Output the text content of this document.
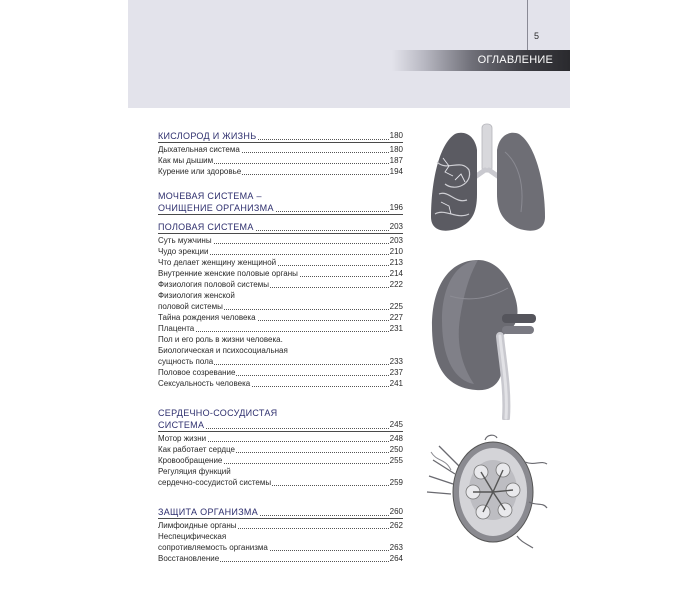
5
ОГЛАВЛЕНИЕ
КИСЛОРОД И ЖИЗНЬ	180
Дыхательная система	180
Как мы дышим	187
Курение или здоровье	194
МОЧЕВАЯ СИСТЕМА –
ОЧИЩЕНИЕ ОРГАНИЗМА	196
ПОЛОВАЯ СИСТЕМА	203
Суть мужчины	203
Чудо эрекции	210
Что делает женщину женщиной	213
Внутренние женские половые органы	214
Физиология половой системы	222
Физиология женской
половой системы	225
Тайна рождения человека	227
Плацента	231
Пол и его роль в жизни человека.
Биологическая и психосоциальная
сущность пола	233
Половое созревание	237
Сексуальность человека	241
СЕРДЕЧНО-СОСУДИСТАЯ
СИСТЕМА	245
Мотор жизни	248
Как работает сердце	250
Кровообращение	255
Регуляция функций
сердечно-сосудистой системы	259
ЗАЩИТА ОРГАНИЗМА	260
Лимфоидные органы	262
Неспецифическая
сопротивляемость организма	263
Восстановление	264
